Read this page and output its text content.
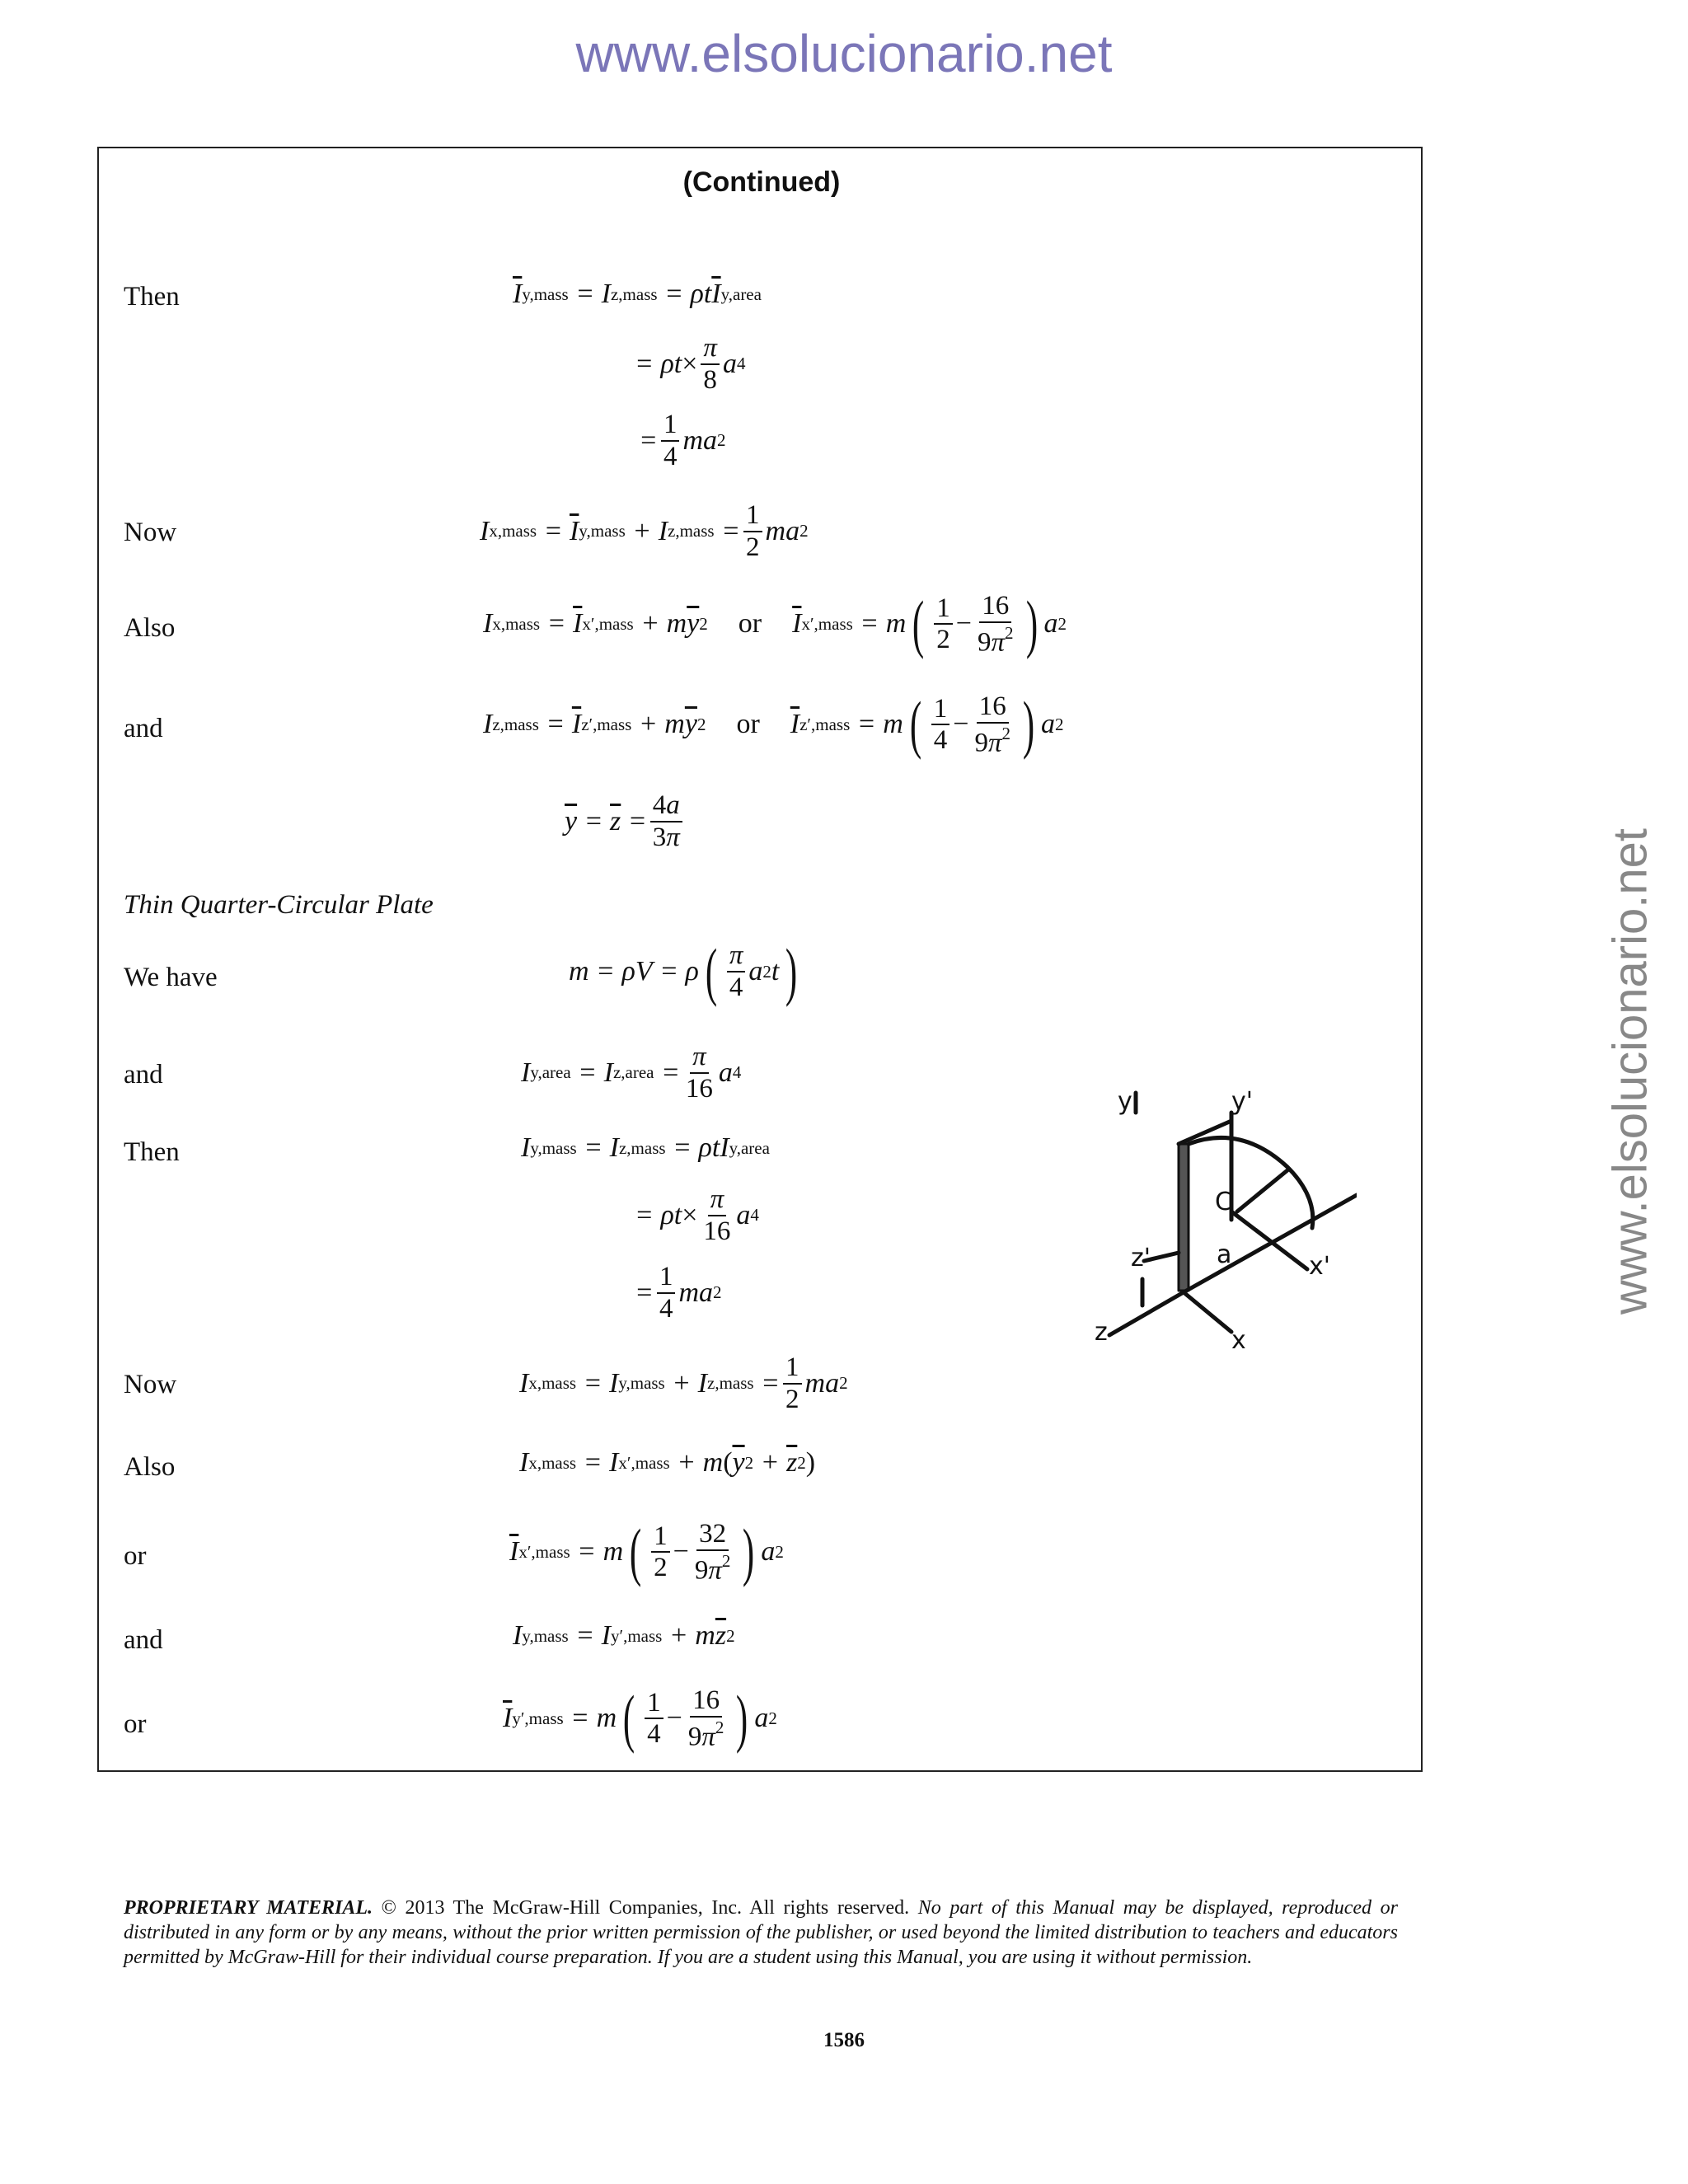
www.elsolucionario.net
www.elsolucionario.net
(Continued)
Then	$\overline{I}$ y,mass = I z,mass = ρt $\overline{I}$ y,area
= $\rho t \times \frac{\pi}{8}$ a 4
= $\frac{1}{4}$ ma 2
Now	I x,mass = $\overline{I}$ y,mass + I z,mass = $\frac{1}{2}$ ma 2
Also	I x,mass = $\overline{I}$ x′,mass + m $\overline{y}$ 2 or $\overline{I}$ x′,mass = m ( $\frac{1}{2} - \frac{16}{9\pi^2}$ ) a 2
and	I z,mass = $\overline{I}$ z′,mass + m $\overline{y}$ 2 or $\overline{I}$ z′,mass = m ( $\frac{1}{4} - \frac{16}{9\pi^2}$ ) a 2
$\overline{y} = \overline{z} = \frac{4a}{3\pi}$
Thin Quarter-Circular Plate
We have	m = ρV = ρ ( $\frac{\pi}{4}$ a 2 t )
and	I y,area = I z,area = $\frac{\pi}{16}$ a 4
Then	I y,mass = I z,mass = ρtI y,area
= $\rho t \times \frac{\pi}{16}$ a 4
= $\frac{1}{4}$ ma 2
Now	I x,mass = I y,mass + I z,mass = $\frac{1}{2}$ ma 2
Also	I x,mass = I x′,mass + m ( $\overline{y}$ $2 + \overline{z}$ 2 )
or	$\overline{I}$ x′,mass = m ( $\frac{1}{2} - \frac{32}{9\pi^2}$ ) a 2
and	I y,mass = I y′,mass + m $\overline{z}$ 2
or	$\overline{I}$ y′,mass = m ( $\frac{1}{4} - \frac{16}{9\pi^2}$ ) a 2
y	y'
z'
z
C
a	x'
x
PROPRIETARY MATERIAL. © 2013 The McGraw-Hill Companies, Inc. All rights reserved. No part of this Manual may be displayed, reproduced or distributed in any form or by any means, without the prior written permission of the publisher, or used beyond the limited distribution to teachers and educators permitted by McGraw-Hill for their individual course preparation. If you are a student using this Manual, you are using it without permission.
1586
